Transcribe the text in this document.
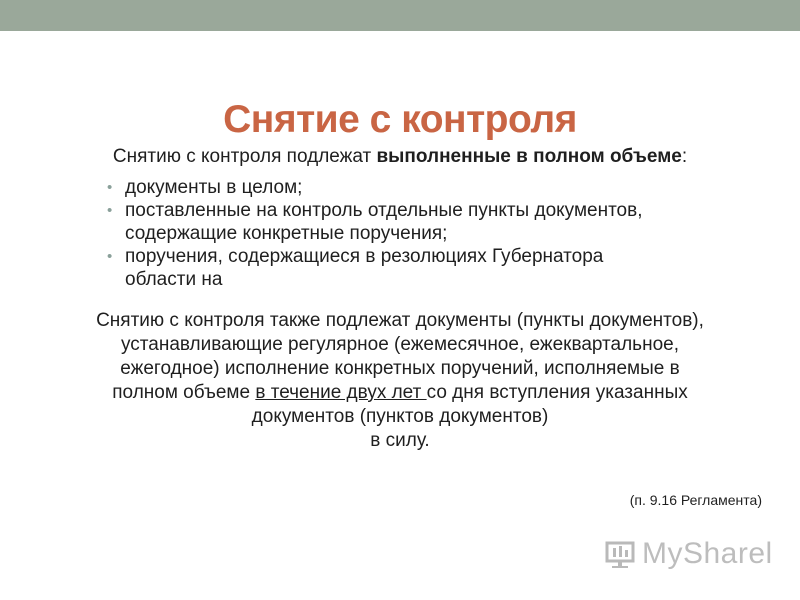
Снятие с контроля
Снятию с контроля подлежат выполненные в полном объеме:
• документы в целом;
• поставленные на контроль отдельные пункты документов,
содержащие конкретные поручения;
• поручения, содержащиеся в резолюциях Губернатора
области на
Снятию с контроля также подлежат документы (пункты документов),
устанавливающие регулярное (ежемесячное, ежеквартальное,
ежегодное) исполнение конкретных поручений, исполняемые в
полном объеме в течение двух лет со дня вступления указанных
документов (пунктов документов)
в силу.
(п. 9.16 Регламента)
MySharel
